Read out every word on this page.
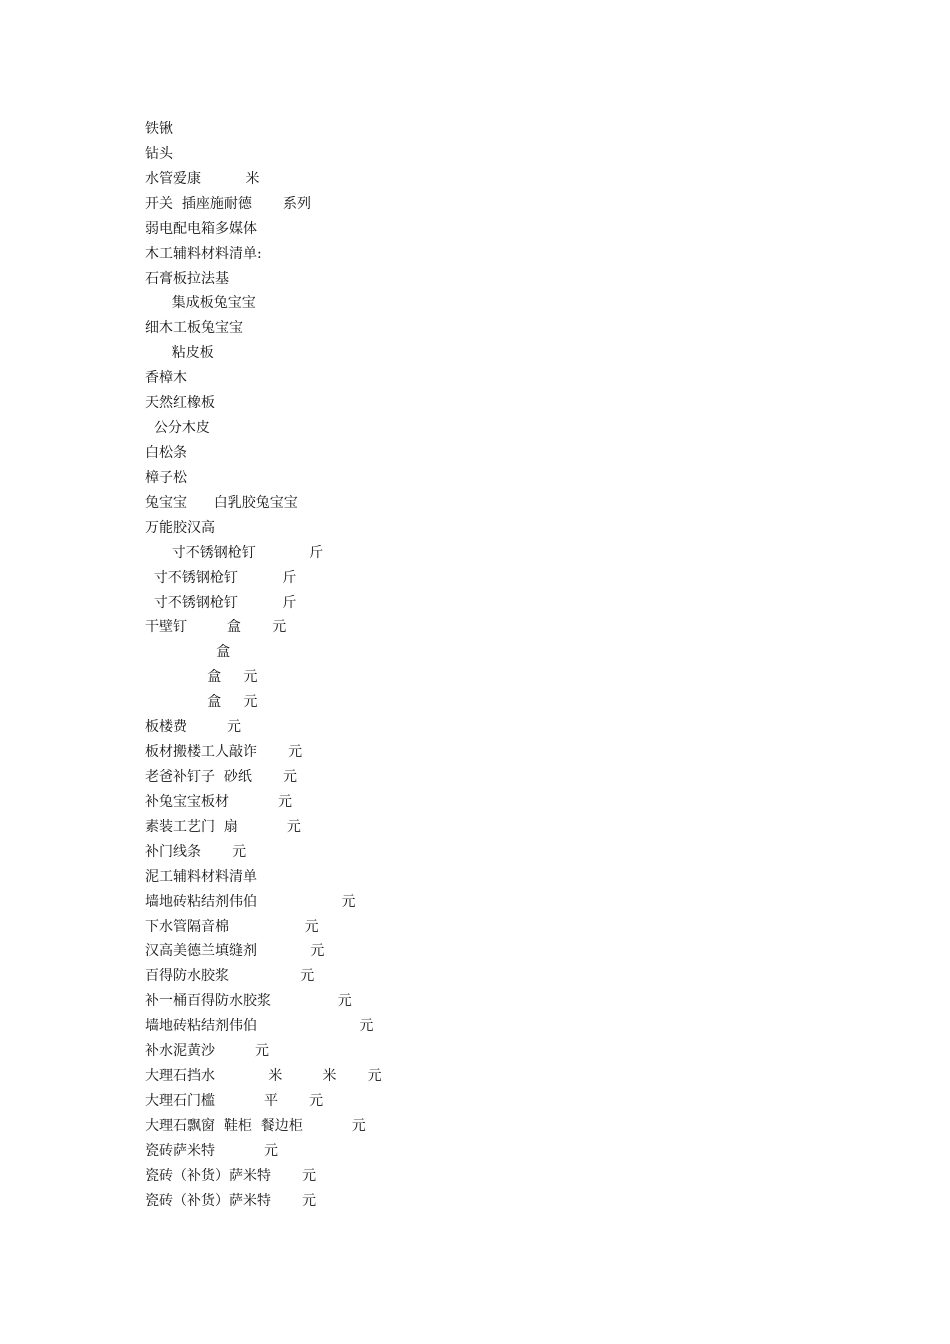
铁锹
钻头
水管爱康          米
开关  插座施耐德       系列
弱电配电箱多媒体
木工辅料材料清单:
石膏板拉法基
集成板兔宝宝
细木工板兔宝宝
粘皮板
香樟木
天然红橡板
公分木皮
白松条
樟子松
兔宝宝      白乳胶兔宝宝
万能胶汉高
寸不锈钢枪钉            斤
寸不锈钢枪钉          斤
寸不锈钢枪钉          斤
干壁钉         盒       元
盒
盒     元
盒     元
板楼费         元
板材搬楼工人敲诈       元
老爸补钉子  砂纸       元
补兔宝宝板材           元
素装工艺门  扇           元
补门线条       元
泥工辅料材料清单
墙地砖粘结剂伟伯                   元
下水管隔音棉                 元
汉高美德兰填缝剂            元
百得防水胶浆                元
补一桶百得防水胶浆               元
墙地砖粘结剂伟伯                       元
补水泥黄沙         元
大理石挡水            米         米       元
大理石门槛           平       元
大理石飘窗  鞋柜  餐边柜           元
瓷砖萨米特           元
瓷砖（补货）萨米特       元
瓷砖（补货）萨米特       元
